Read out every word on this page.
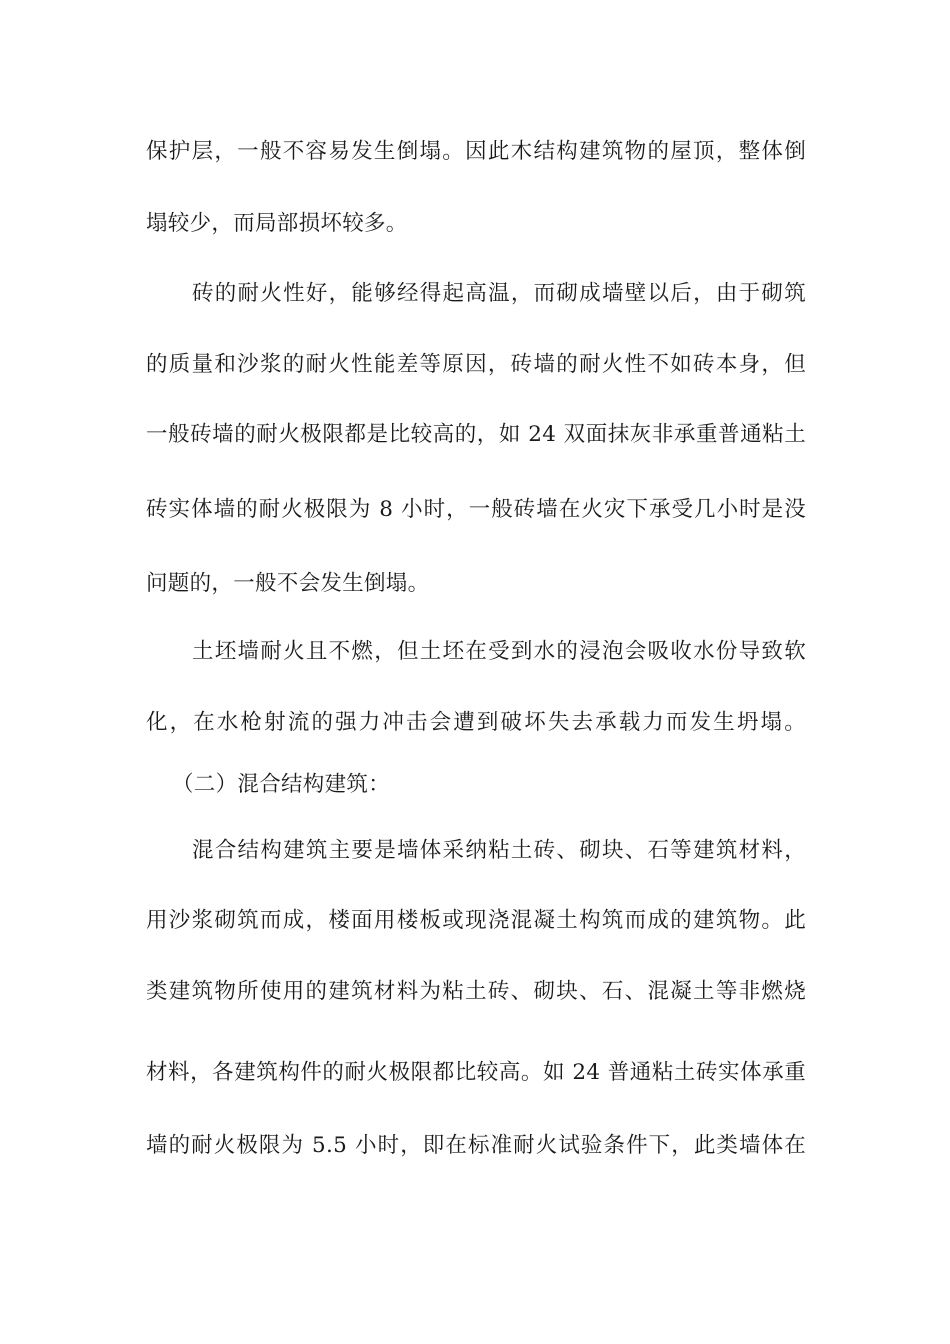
保护层，一般不容易发生倒塌。因此木结构建筑物的屋顶，整体倒
塌较少，而局部损坏较多。
砖的耐火性好，能够经得起高温，而砌成墙壁以后，由于砌筑
的质量和沙浆的耐火性能差等原因，砖墙的耐火性不如砖本身，但
一般砖墙的耐火极限都是比较高的，如 24 双面抹灰非承重普通粘土
砖实体墙的耐火极限为 8 小时，一般砖墙在火灾下承受几小时是没
问题的，一般不会发生倒塌。
土坯墙耐火且不燃，但土坯在受到水的浸泡会吸收水份导致软
化，在水枪射流的强力冲击会遭到破坏失去承载力而发生坍塌。
（二）混合结构建筑：
混合结构建筑主要是墙体采纳粘土砖、砌块、石等建筑材料，
用沙浆砌筑而成，楼面用楼板或现浇混凝土构筑而成的建筑物。此
类建筑物所使用的建筑材料为粘土砖、砌块、石、混凝土等非燃烧
材料，各建筑构件的耐火极限都比较高。如 24 普通粘土砖实体承重
墙的耐火极限为 5.5 小时，即在标准耐火试验条件下，此类墙体在
